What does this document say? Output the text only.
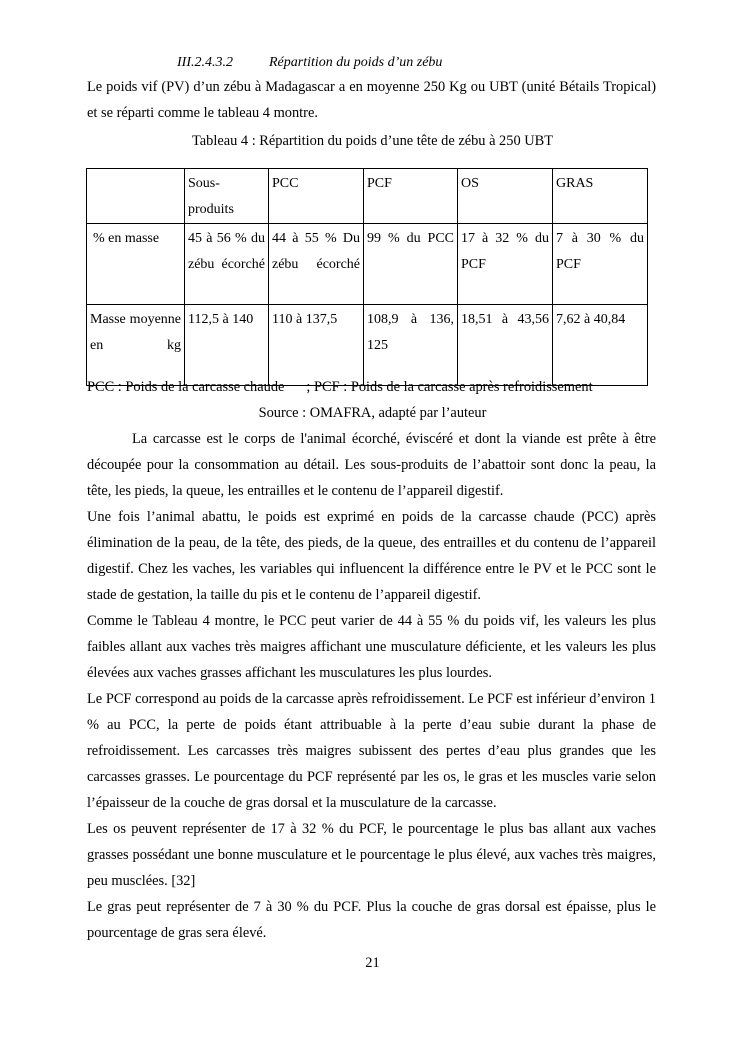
III.2.4.3.2	Répartition du poids d’un zébu
Le poids vif (PV) d’un zébu à Madagascar a en moyenne 250 Kg ou UBT (unité Bétails Tropical) et se réparti comme le tableau 4 montre.
Tableau 4 : Répartition du poids d’une tête de zébu à 250 UBT
	Sous-produits	PCC	PCF	OS	GRAS
% en masse	45 à 56 % du zébu écorché	44 à 55 % Du zébu écorché	99 % du PCC	17 à 32 % du PCF	7 à 30 % du PCF
Masse moyenne en kg	112,5 à 140	110 à 137,5	108,9 à 136, 125	18,51 à 43,56	7,62 à 40,84
PCC : Poids de la carcasse chaude ; PCF : Poids de la carcasse après refroidissement
Source : OMAFRA, adapté par l’auteur
La carcasse est le corps de l'animal écorché, éviscéré et dont la viande est prête à être découpée pour la consommation au détail. Les sous-produits de l’abattoir sont donc la peau, la tête, les pieds, la queue, les entrailles et le contenu de l’appareil digestif.
Une fois l’animal abattu, le poids est exprimé en poids de la carcasse chaude (PCC) après élimination de la peau, de la tête, des pieds, de la queue, des entrailles et du contenu de l’appareil digestif. Chez les vaches, les variables qui influencent la différence entre le PV et le PCC sont le stade de gestation, la taille du pis et le contenu de l’appareil digestif.
Comme le Tableau 4 montre, le PCC peut varier de 44 à 55 % du poids vif, les valeurs les plus faibles allant aux vaches très maigres affichant une musculature déficiente, et les valeurs les plus élevées aux vaches grasses affichant les musculatures les plus lourdes.
Le PCF correspond au poids de la carcasse après refroidissement. Le PCF est inférieur d’environ 1 % au PCC, la perte de poids étant attribuable à la perte d’eau subie durant la phase de refroidissement. Les carcasses très maigres subissent des pertes d’eau plus grandes que les carcasses grasses. Le pourcentage du PCF représenté par les os, le gras et les muscles varie selon l’épaisseur de la couche de gras dorsal et la musculature de la carcasse.
Les os peuvent représenter de 17 à 32 % du PCF, le pourcentage le plus bas allant aux vaches grasses possédant une bonne musculature et le pourcentage le plus élevé, aux vaches très maigres, peu musclées. [32]
Le gras peut représenter de 7 à 30 % du PCF. Plus la couche de gras dorsal est épaisse, plus le pourcentage de gras sera élevé.
21
